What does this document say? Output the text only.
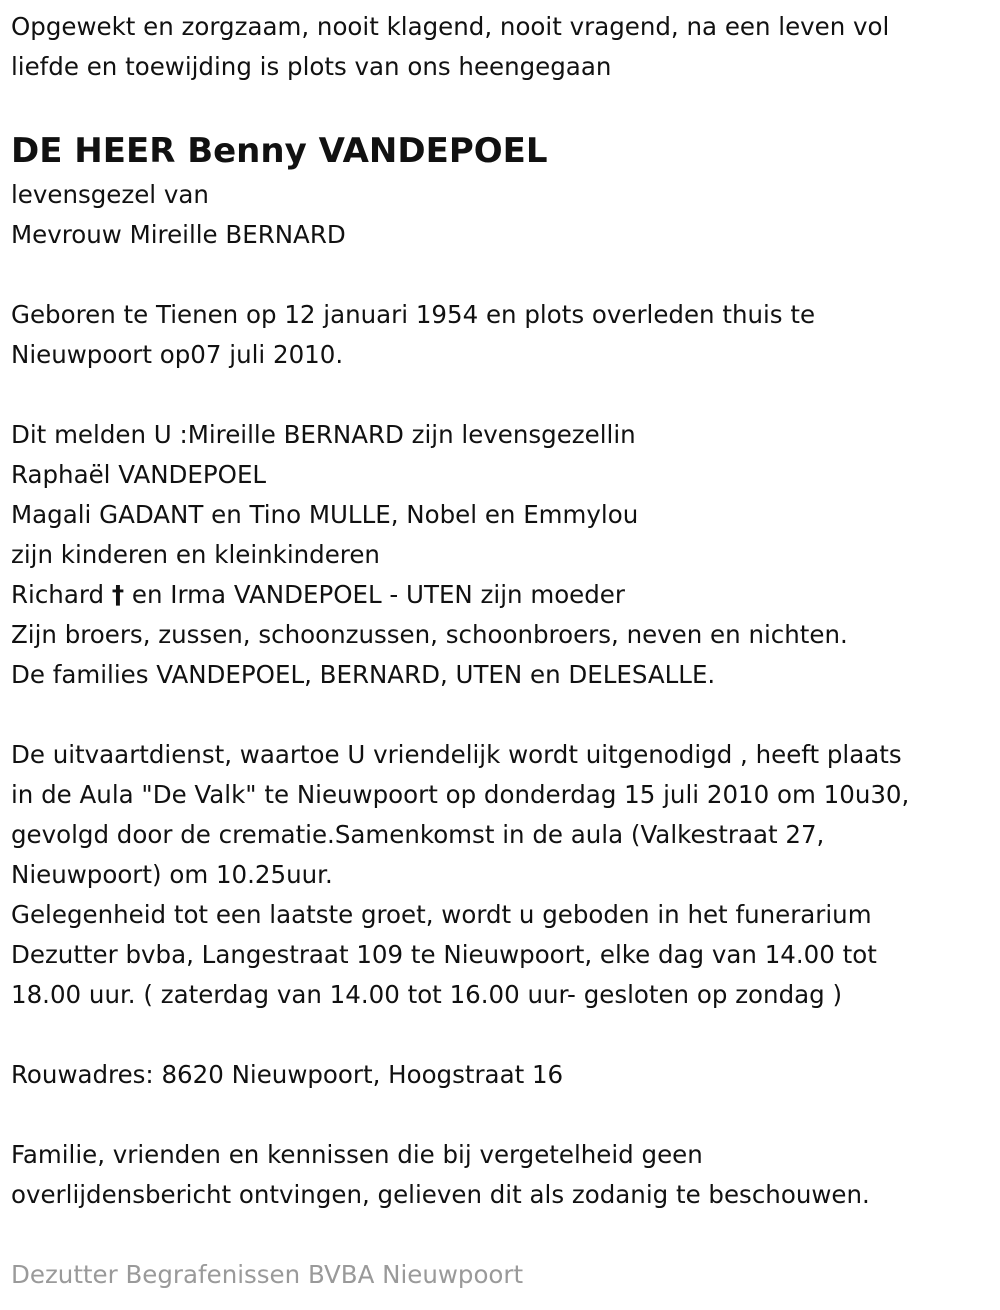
Opgewekt en zorgzaam, nooit klagend, nooit vragend, na een leven vol
liefde en toewijding is plots van ons heengegaan
DE HEER Benny VANDEPOEL
levensgezel van
Mevrouw Mireille BERNARD
Geboren te Tienen op 12 januari 1954 en plots overleden thuis te
Nieuwpoort op07 juli 2010.
Dit melden U :Mireille BERNARD zijn levensgezellin
Raphaël VANDEPOEL
Magali GADANT en Tino MULLE, Nobel en Emmylou
zijn kinderen en kleinkinderen
Richard † en Irma VANDEPOEL - UTEN zijn moeder
Zijn broers, zussen, schoonzussen, schoonbroers, neven en nichten.
De families VANDEPOEL, BERNARD, UTEN en DELESALLE.
De uitvaartdienst, waartoe U vriendelijk wordt uitgenodigd , heeft plaats
in de Aula "De Valk" te Nieuwpoort op donderdag 15 juli 2010 om 10u30,
gevolgd door de crematie.Samenkomst in de aula (Valkestraat 27,
Nieuwpoort) om 10.25uur.
Gelegenheid tot een laatste groet, wordt u geboden in het funerarium
Dezutter bvba, Langestraat 109 te Nieuwpoort, elke dag van 14.00 tot
18.00 uur. ( zaterdag van 14.00 tot 16.00 uur- gesloten op zondag )
Rouwadres: 8620 Nieuwpoort, Hoogstraat 16
Familie, vrienden en kennissen die bij vergetelheid geen
overlijdensbericht ontvingen, gelieven dit als zodanig te beschouwen.
Dezutter Begrafenissen BVBA Nieuwpoort
